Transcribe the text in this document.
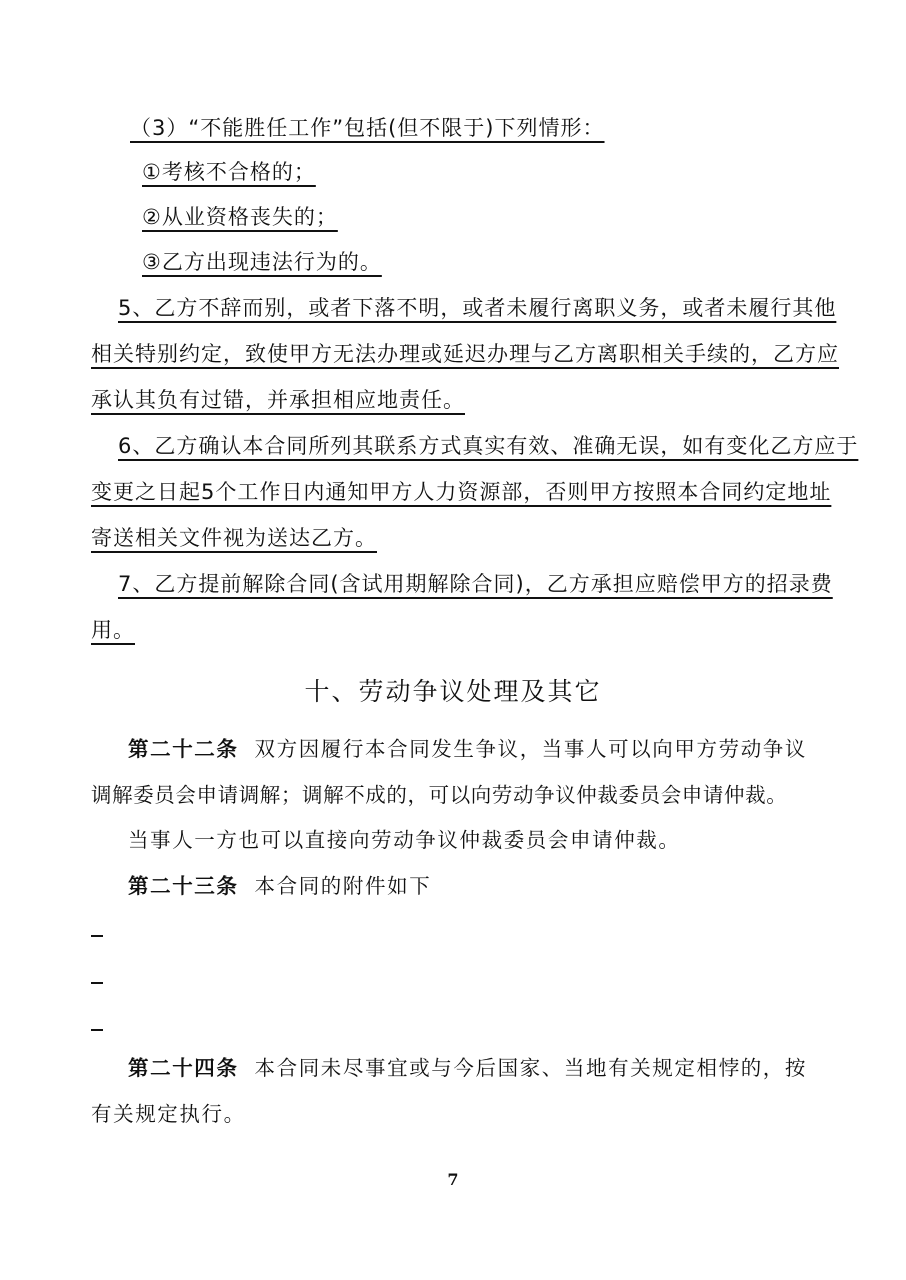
（3）“不能胜任工作”包括(但不限于)下列情形：
①考核不合格的；
②从业资格丧失的；
③乙方出现违法行为的。
5、乙方不辞而别，或者下落不明，或者未履行离职义务，或者未履行其他
相关特别约定，致使甲方无法办理或延迟办理与乙方离职相关手续的，乙方应
承认其负有过错，并承担相应地责任。
6、乙方确认本合同所列其联系方式真实有效、准确无误，如有变化乙方应于
变更之日起5个工作日内通知甲方人力资源部，否则甲方按照本合同约定地址
寄送相关文件视为送达乙方。
7、乙方提前解除合同(含试用期解除合同)，乙方承担应赔偿甲方的招录费
用。
十、劳动争议处理及其它
第二十二条 双方因履行本合同发生争议，当事人可以向甲方劳动争议
调解委员会申请调解；调解不成的，可以向劳动争议仲裁委员会申请仲裁。
当事人一方也可以直接向劳动争议仲裁委员会申请仲裁。
第二十三条 本合同的附件如下
第二十四条 本合同未尽事宜或与今后国家、当地有关规定相悖的，按
有关规定执行。
7
